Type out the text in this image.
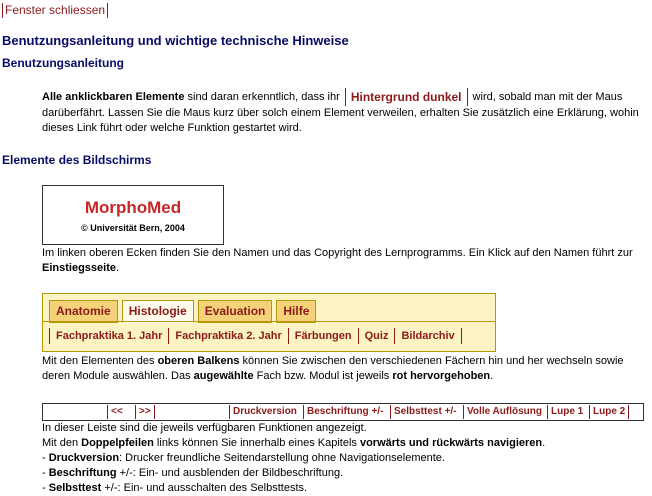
Fenster schliessen
Benutzungsanleitung und wichtige technische Hinweise
Benutzungsanleitung
Alle anklickbaren Elemente sind daran erkenntlich, dass ihr Hintergrund dunkel wird, sobald man mit der Maus darüberfährt. Lassen Sie die Maus kurz über solch einem Element verweilen, erhalten Sie zusätzlich eine Erklärung, wohin dieses Link führt oder welche Funktion gestartet wird.
Elemente des Bildschirms
MorphoMed
© Universität Bern, 2004
Im linken oberen Ecken finden Sie den Namen und das Copyright des Lernprogramms. Ein Klick auf den Namen führt zur Einstiegsseite.
Anatomie	Histologie	Evaluation	Hilfe
Fachpraktika 1. Jahr	Fachpraktika 2. Jahr	Färbungen	Quiz	Bildarchiv
Mit den Elementen des oberen Balkens können Sie zwischen den verschiedenen Fächern hin und her wechseln sowie deren Module auswählen. Das augewählte Fach bzw. Modul ist jeweils rot hervorgehoben.
<<	>>	Druckversion	Beschriftung +/-	Selbsttest +/-	Volle Auflösung Lupe 1 Lupe 2
In dieser Leiste sind die jeweils verfügbaren Funktionen angezeigt.
Mit den Doppelpfeilen links können Sie innerhalb eines Kapitels vorwärts und rückwärts navigieren.
- Druckversion: Drucker freundliche Seitendarstellung ohne Navigationselemente.
- Beschriftung +/-: Ein- und ausblenden der Bildbeschriftung.
- Selbsttest +/-: Ein- und ausschalten des Selbsttests.
